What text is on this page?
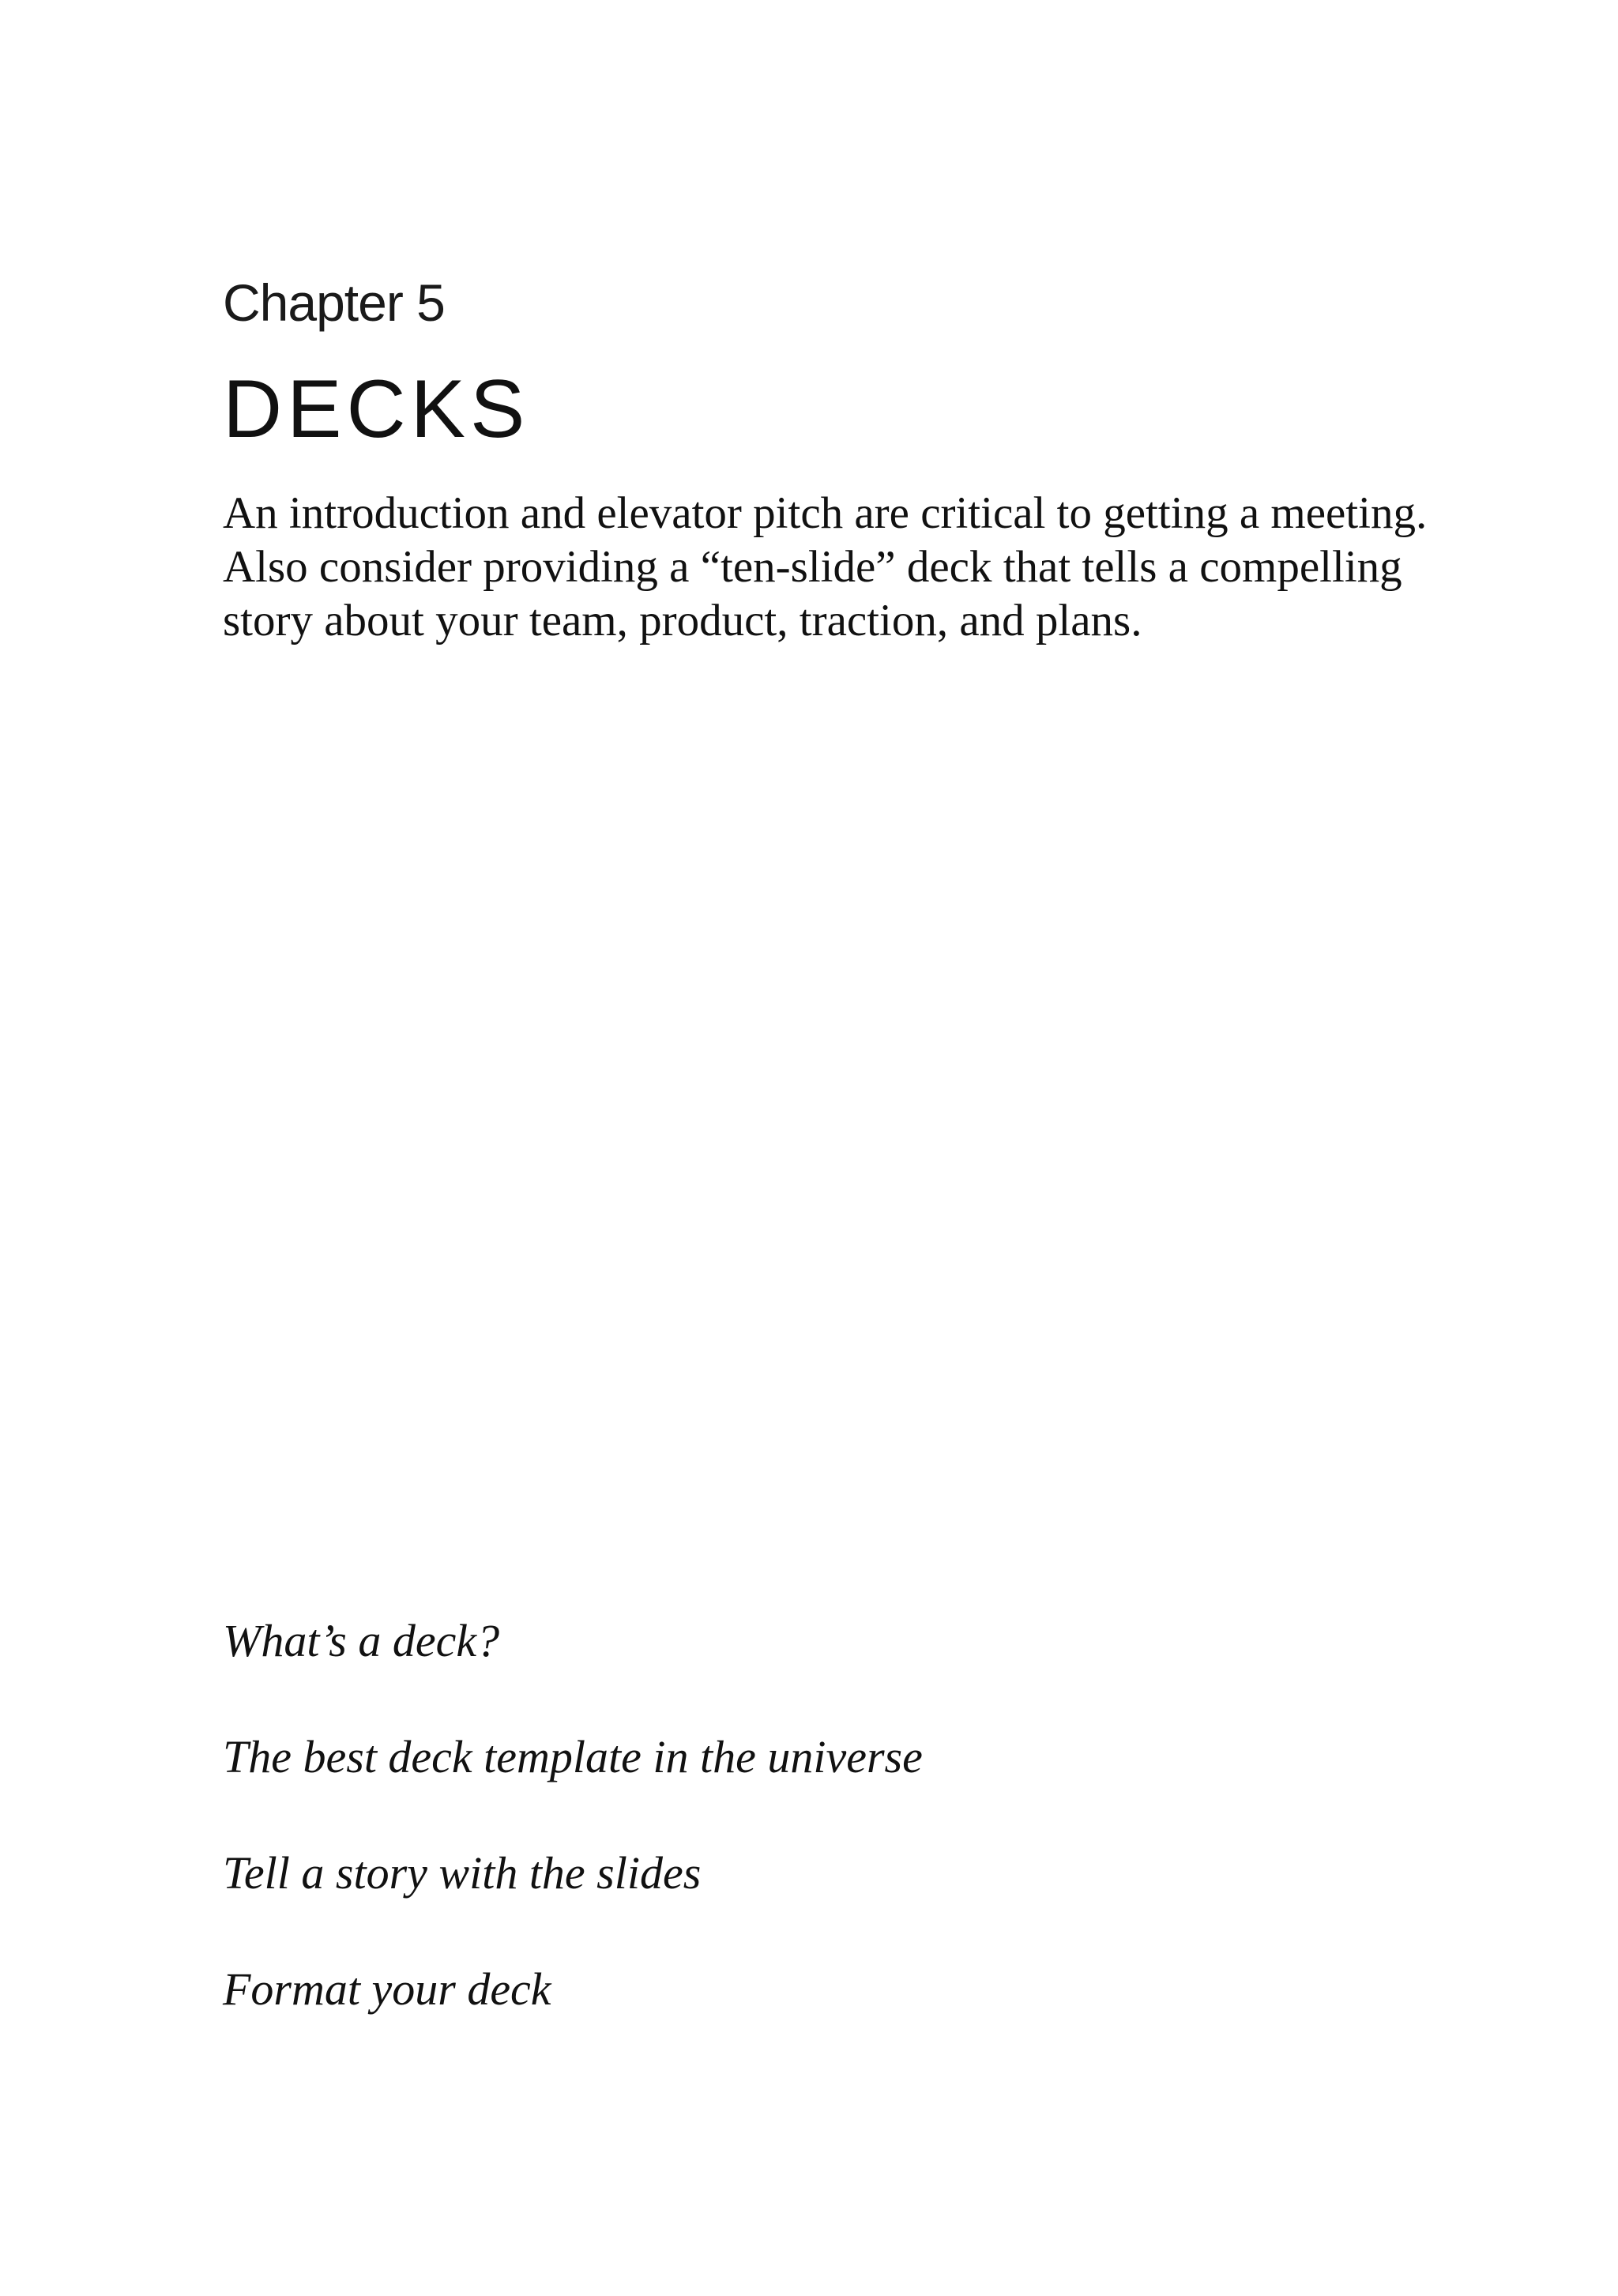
Chapter 5
DECKS

An introduction and elevator pitch are critical to getting a meeting. Also consider providing a “ten-slide” deck that tells a compelling story about your team, product, traction, and plans.

What’s a deck?
The best deck template in the universe
Tell a story with the slides
Format your deck
